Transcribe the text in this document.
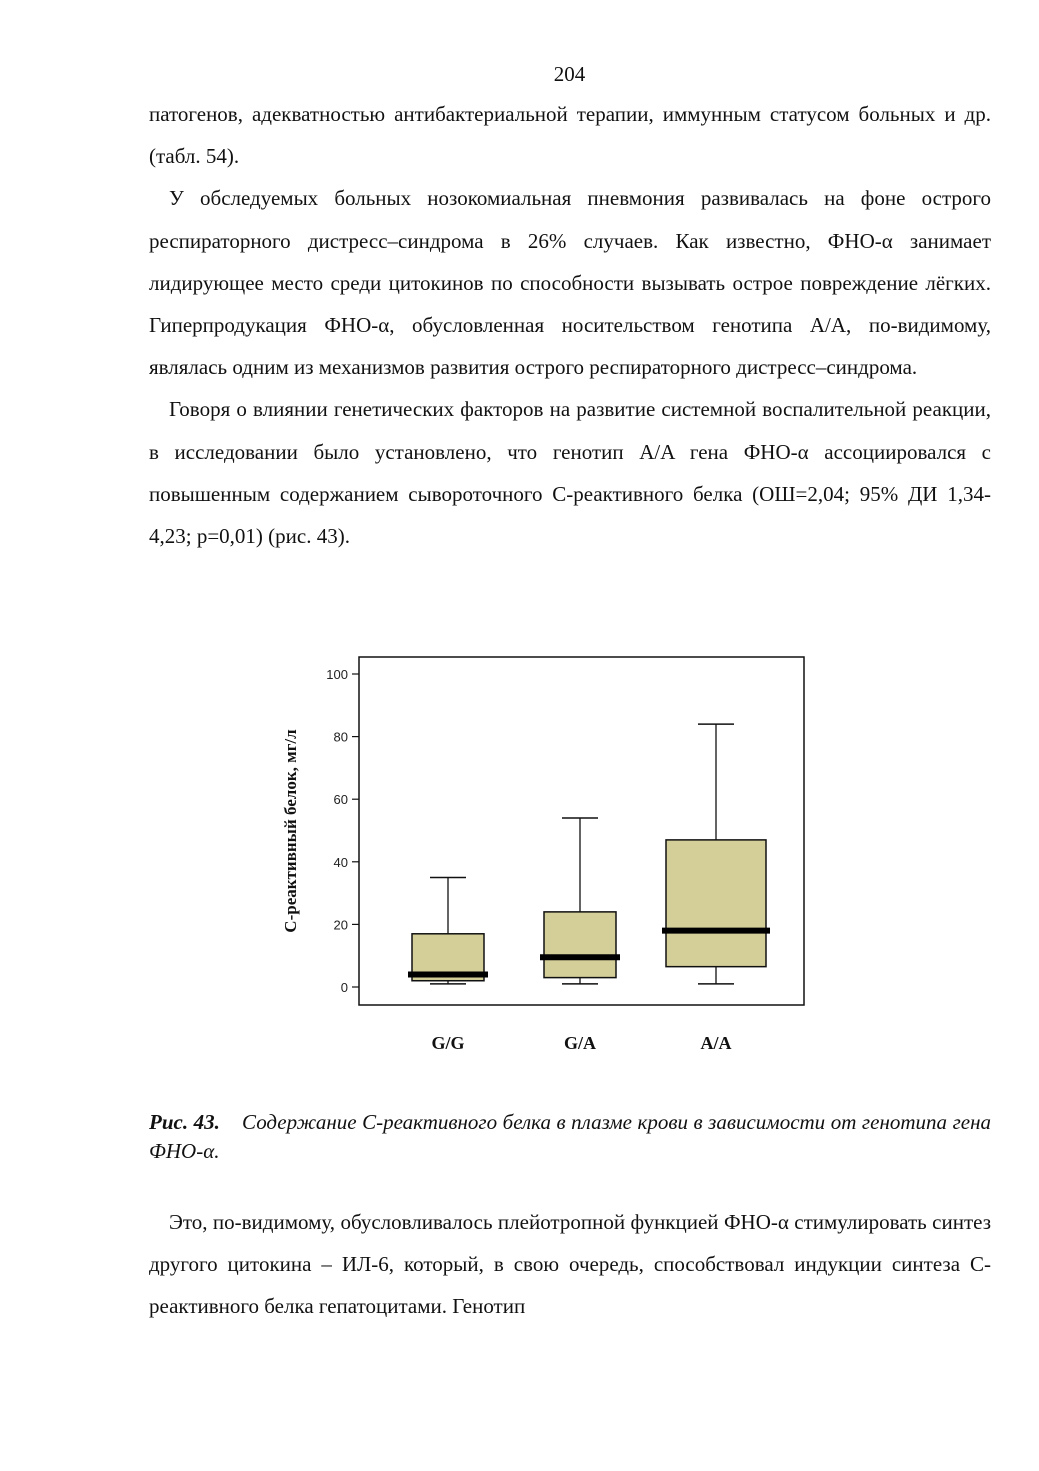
204

патогенов, адекватностью антибактериальной терапии, иммунным статусом больных и др. (табл. 54).

У обследуемых больных нозокомиальная пневмония развивалась на фоне острого респираторного дистресс–синдрома в 26% случаев. Как известно, ФНО-α занимает лидирующее место среди цитокинов по способности вызывать острое повреждение лёгких. Гиперпродукация ФНО-α, обусловленная носительством генотипа A/A, по-видимому, являлась одним из механизмов развития острого респираторного дистресс–синдрома.

Говоря о влиянии генетических факторов на развитие системной воспалительной реакции, в исследовании было установлено, что генотип A/A гена ФНО-α ассоциировался с повышенным содержанием сывороточного С-реактивного белка (ОШ=2,04; 95% ДИ 1,34-4,23; p=0,01) (рис. 43).

0
20
40
60
80
100
G/G	G/A	A/A
С-реактивный белок, мг/л

Рис. 43. Содержание С-реактивного белка в плазме крови в зависимости от генотипа гена ФНО-α.

Это, по-видимому, обусловливалось плейотропной функцией ФНО-α стимулировать синтез другого цитокина – ИЛ-6, который, в свою очередь, способствовал индукции синтеза С-реактивного белка гепатоцитами. Генотип
